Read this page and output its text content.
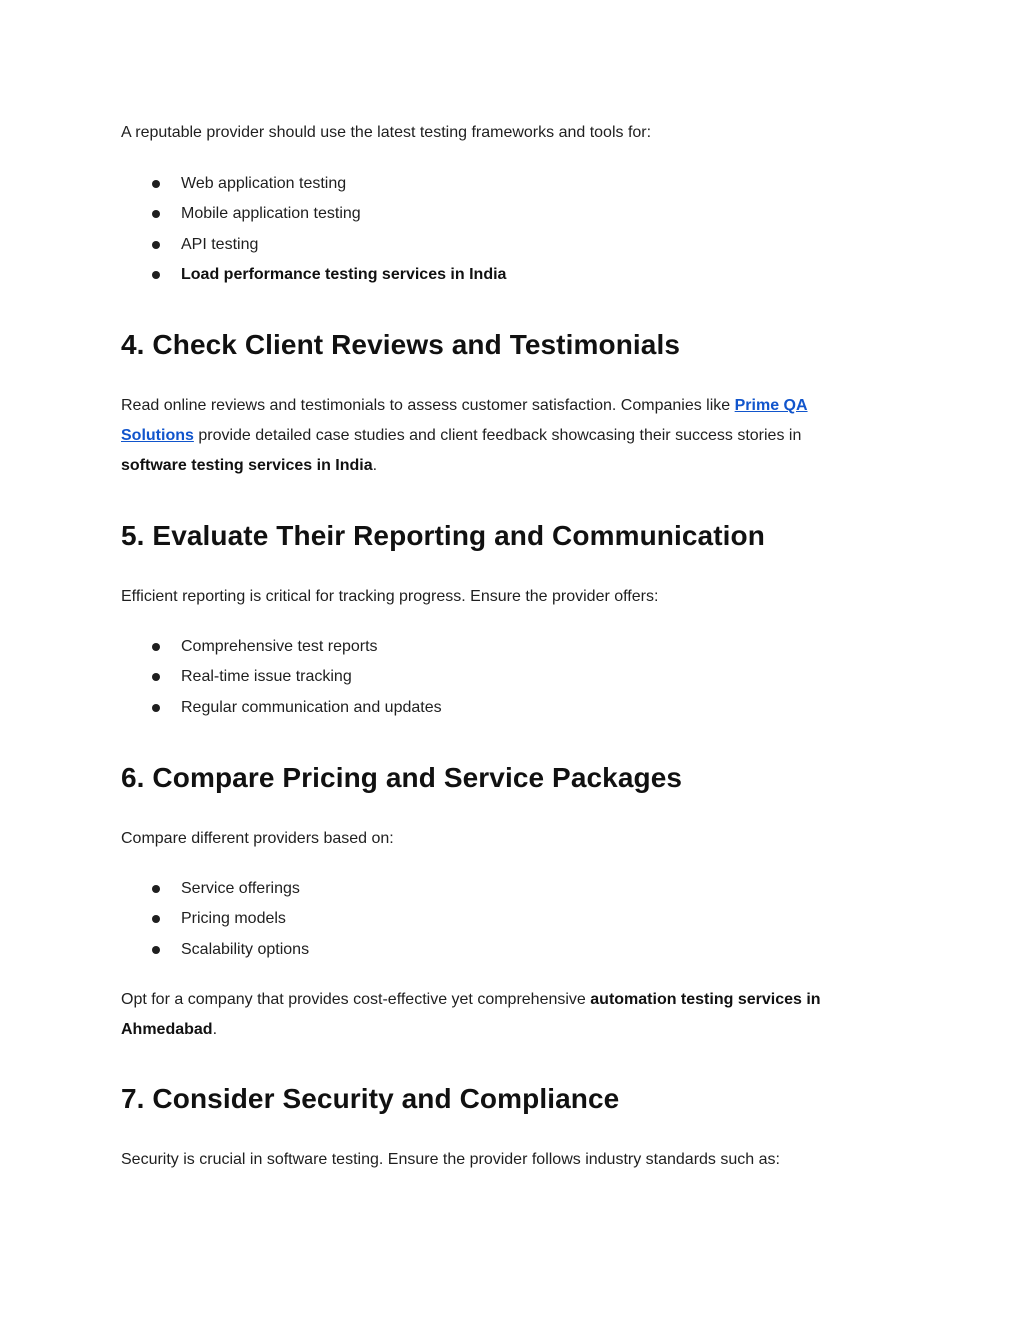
A reputable provider should use the latest testing frameworks and tools for:

Web application testing
Mobile application testing
API testing
Load performance testing services in India
4. Check Client Reviews and Testimonials

Read online reviews and testimonials to assess customer satisfaction. Companies like Prime QA
Solutions provide detailed case studies and client feedback showcasing their success stories in
software testing services in India.

5. Evaluate Their Reporting and Communication

Efficient reporting is critical for tracking progress. Ensure the provider offers:

Comprehensive test reports
Real-time issue tracking
Regular communication and updates
6. Compare Pricing and Service Packages

Compare different providers based on:

Service offerings
Pricing models
Scalability options

Opt for a company that provides cost-effective yet comprehensive automation testing services in
Ahmedabad.

7. Consider Security and Compliance

Security is crucial in software testing. Ensure the provider follows industry standards such as:
